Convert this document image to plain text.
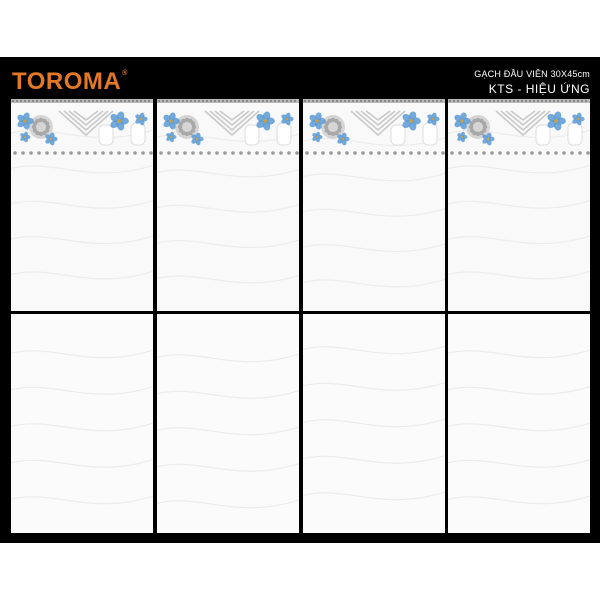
TOROMA®	GẠCH ĐẦU VIÊN 30X45cm
KTS - HIỆU ỨNG
